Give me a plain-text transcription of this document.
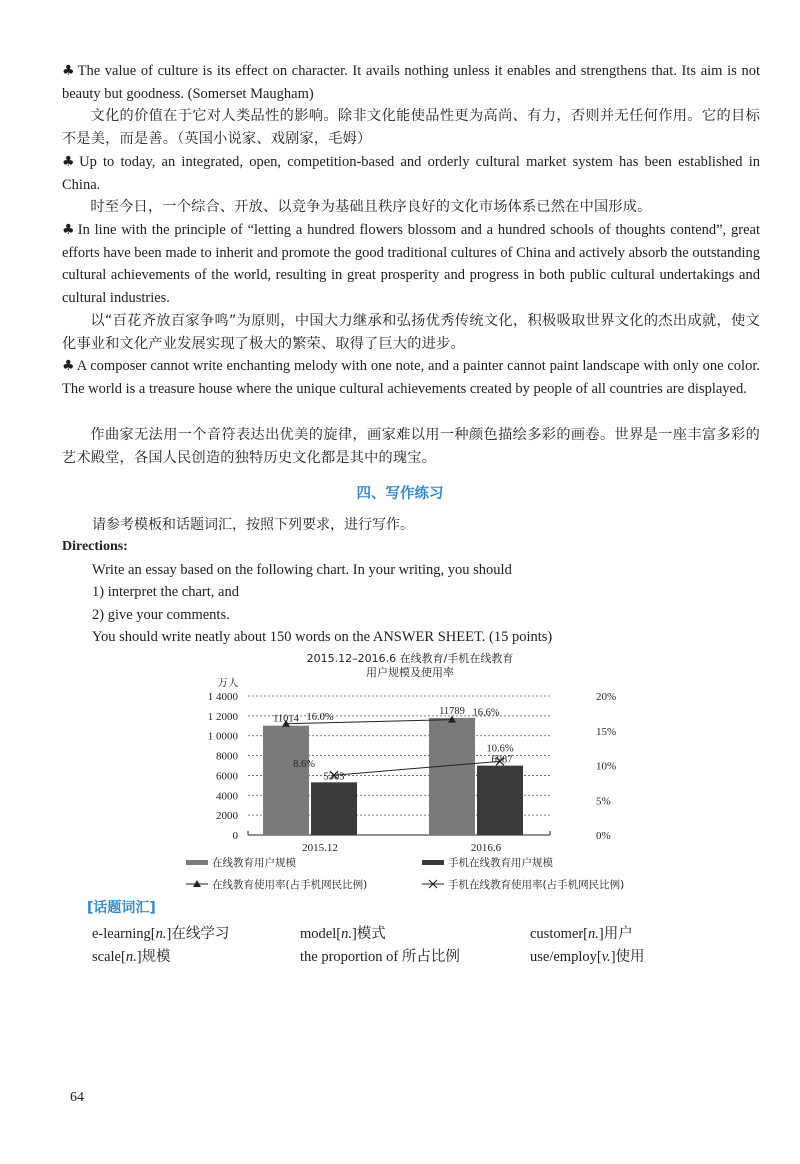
♣ The value of culture is its effect on character. It avails nothing unless it enables and strengthens that. Its aim is not beauty but goodness. (Somerset Maugham)
文化的价值在于它对人类品性的影响。除非文化能使品性更为高尚、有力，否则并无任何作用。它的目标不是美，而是善。（英国小说家、戏剧家，毛姆）
♣ Up to today, an integrated, open, competition-based and orderly cultural market system has been established in China.
时至今日，一个综合、开放、以竞争为基础且秩序良好的文化市场体系已然在中国形成。
♣ In line with the principle of “letting a hundred flowers blossom and a hundred schools of thoughts contend”, great efforts have been made to inherit and promote the good traditional cultures of China and actively absorb the outstanding cultural achievements of the world, resulting in great prosperity and progress in both public cultural undertakings and cultural industries.
以“百花齐放百家争鸣”为原则，中国大力继承和弘扬优秀传统文化，积极吸取世界文化的杰出成就，使文化事业和文化产业发展实现了极大的繁荣、取得了巨大的进步。
♣ A composer cannot write enchanting melody with one note, and a painter cannot paint landscape with only one color. The world is a treasure house where the unique cultural achievements created by people of all countries are displayed.
作曲家无法用一个音符表达出优美的旋律，画家难以用一种颜色描绘多彩的画卷。世界是一座丰富多彩的艺术殿堂，各国人民创造的独特历史文化都是其中的瑰宝。
四、写作练习
请参考模板和话题词汇，按照下列要求，进行写作。
Directions:
Write an essay based on the following chart. In your writing, you should
1) interpret the chart, and
2) give your comments.
You should write neatly about 150 words on the ANSWER SHEET. (15 points)
2015.12–2016.6 在线教育/手机在线教育
用户规模及使用率
万人
0
2000
4000
6000
8000
1 0000
1 2000
1 4000
0%
5%
10%
15%
20%
2015.12	2016.6
11014
11789
5303
6987
16.0%	16.6%
8.6%
10.6%
在线教育用户规模	手机在线教育用户规模
在线教育使用率(占手机网民比例)	手机在线教育使用率(占手机网民比例)
[话题词汇]
e-learning[n.]在线学习	model[n.]模式	customer[n.]用户
scale[n.]规模	the proportion of 所占比例	use/employ[v.]使用
64
